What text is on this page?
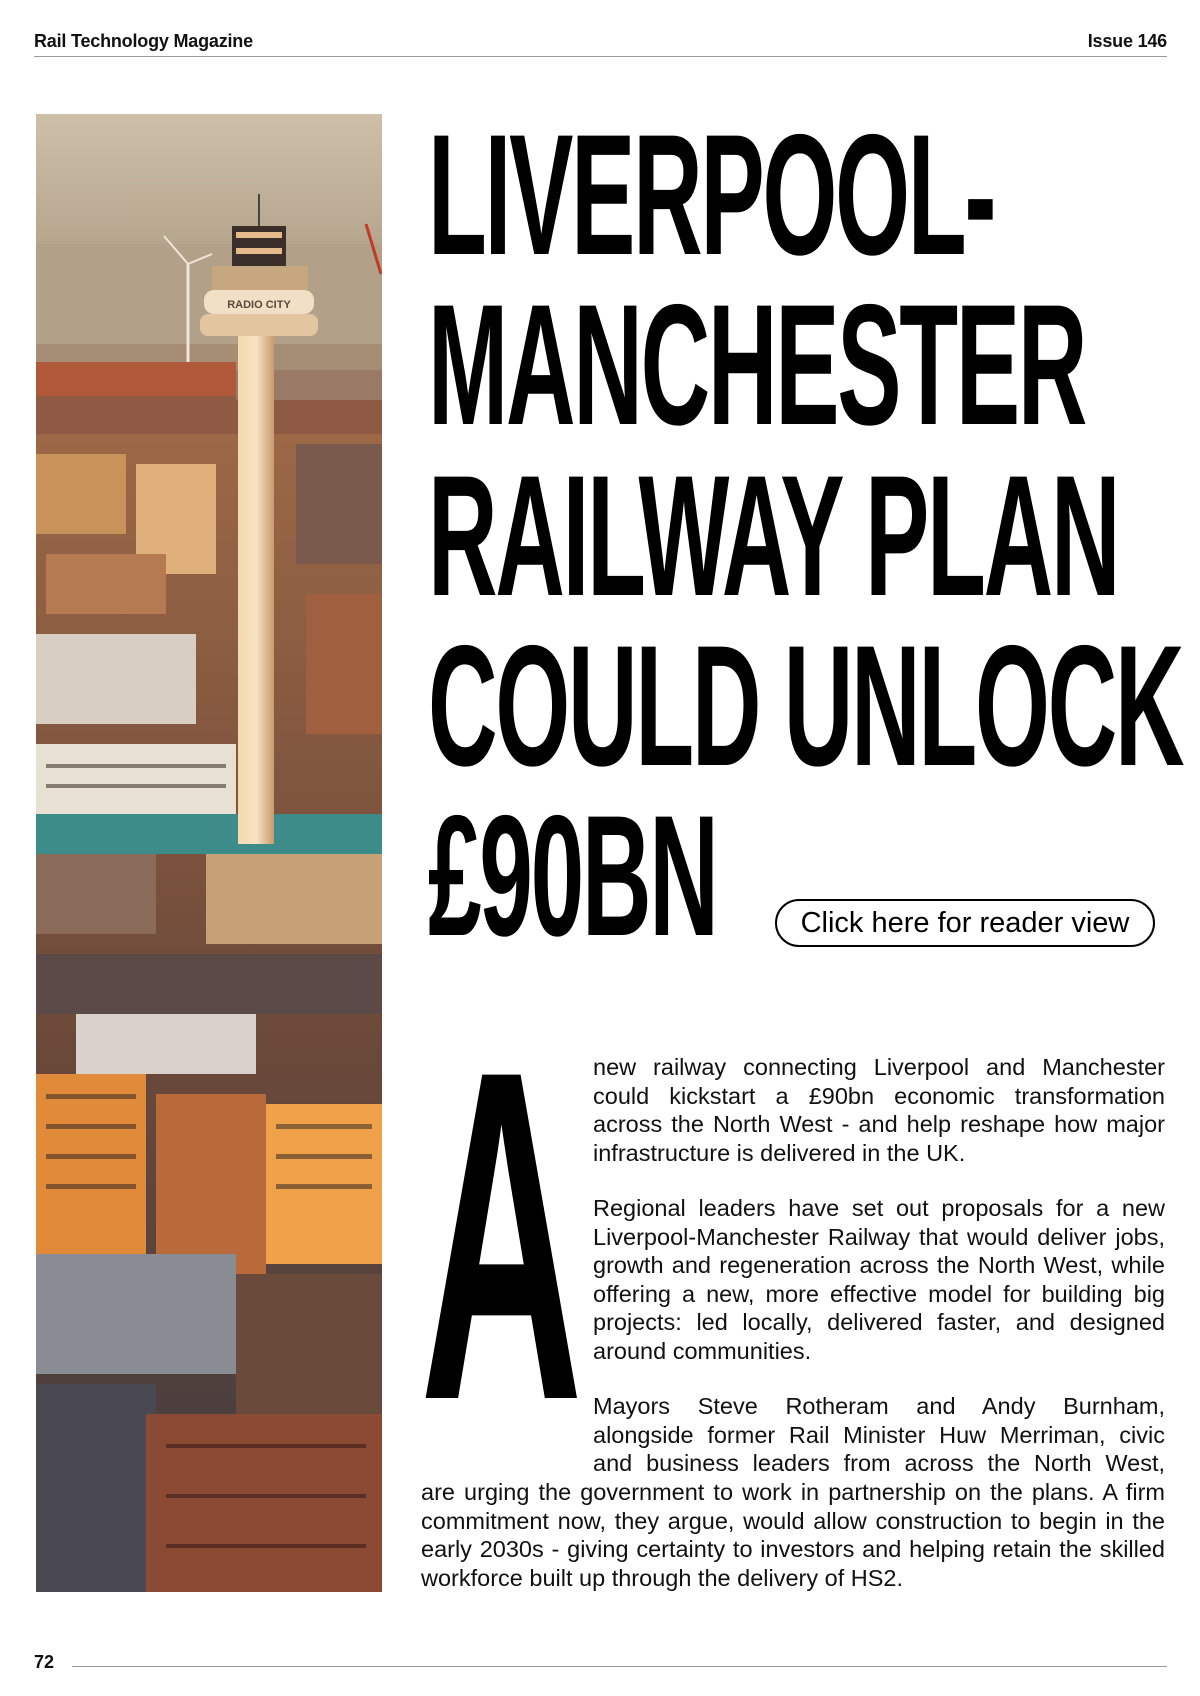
Rail Technology Magazine	Issue 146
RADIO CITY
LIVERPOOL-
MANCHESTER
RAILWAY PLAN
COULD UNLOCK
£90BN	Click here for reader view
A new railway connecting Liverpool and Manchester could kickstart a £90bn economic transformation across the North West - and help reshape how major infrastructure is delivered in the UK.

Regional leaders have set out proposals for a new Liverpool-Manchester Railway that would deliver jobs, growth and regeneration across the North West, while offering a new, more effective model for building big projects: led locally, delivered faster, and designed around communities.

Mayors Steve Rotheram and Andy Burnham, alongside former Rail Minister Huw Merriman, civic and business leaders from across the North West,

are urging the government to work in partnership on the plans. A firm commitment now, they argue, would allow construction to begin in the early 2030s - giving certainty to investors and helping retain the skilled workforce built up through the delivery of HS2.

72
